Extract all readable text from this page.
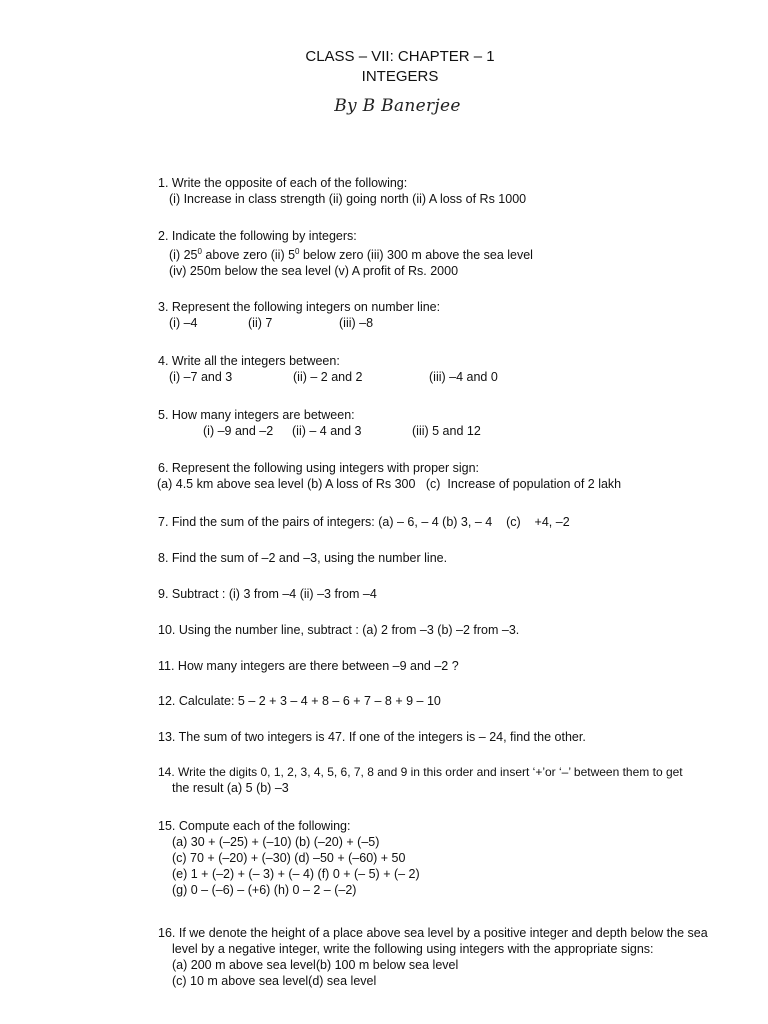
CLASS – VII: CHAPTER – 1
INTEGERS
By B Banerjee
1. Write the opposite of each of the following:
(i) Increase in class strength (ii) going north (ii) A loss of Rs 1000
2. Indicate the following by integers:
(i) $25^0$ above zero (ii) $5^0$ below zero (iii) 300 m above the sea level
(iv) 250m below the sea level (v) A profit of Rs. 2000
3. Represent the following integers on number line:
(i) –4	(ii) 7	(iii) –8
4. Write all the integers between:
(i) –7 and 3	(ii) – 2 and 2	(iii) –4 and 0
5. How many integers are between:
(i) –9 and –2 (ii) – 4 and 3	(iii) 5 and 12
6. Represent the following using integers with proper sign:
(a) 4.5 km above sea level (b) A loss of Rs 300   (c)  Increase of population of 2 lakh
7. Find the sum of the pairs of integers: (a) – 6, – 4 (b) 3, – 4    (c)    +4, –2
8. Find the sum of –2 and –3, using the number line.
9. Subtract : (i) 3 from –4 (ii) –3 from –4
10. Using the number line, subtract : (a) 2 from –3 (b) –2 from –3.
11. How many integers are there between –9 and –2 ?
12. Calculate: 5 – 2 + 3 – 4 + 8 – 6 + 7 – 8 + 9 – 10
13. The sum of two integers is 47. If one of the integers is – 24, find the other.
14. Write the digits 0, 1, 2, 3, 4, 5, 6, 7, 8 and 9 in this order and insert ‘+’or ‘–’ between them to get
the result (a) 5 (b) –3
15. Compute each of the following:
(a) 30 + (–25) + (–10) (b) (–20) + (–5)
(c) 70 + (–20) + (–30) (d) –50 + (–60) + 50
(e) 1 + (–2) + (– 3) + (– 4) (f) 0 + (– 5) + (– 2)
(g) 0 – (–6) – (+6) (h) 0 – 2 – (–2)
16. If we denote the height of a place above sea level by a positive integer and depth below the sea
level by a negative integer, write the following using integers with the appropriate signs:
(a) 200 m above sea level(b) 100 m below sea level
(c) 10 m above sea level(d) sea level
